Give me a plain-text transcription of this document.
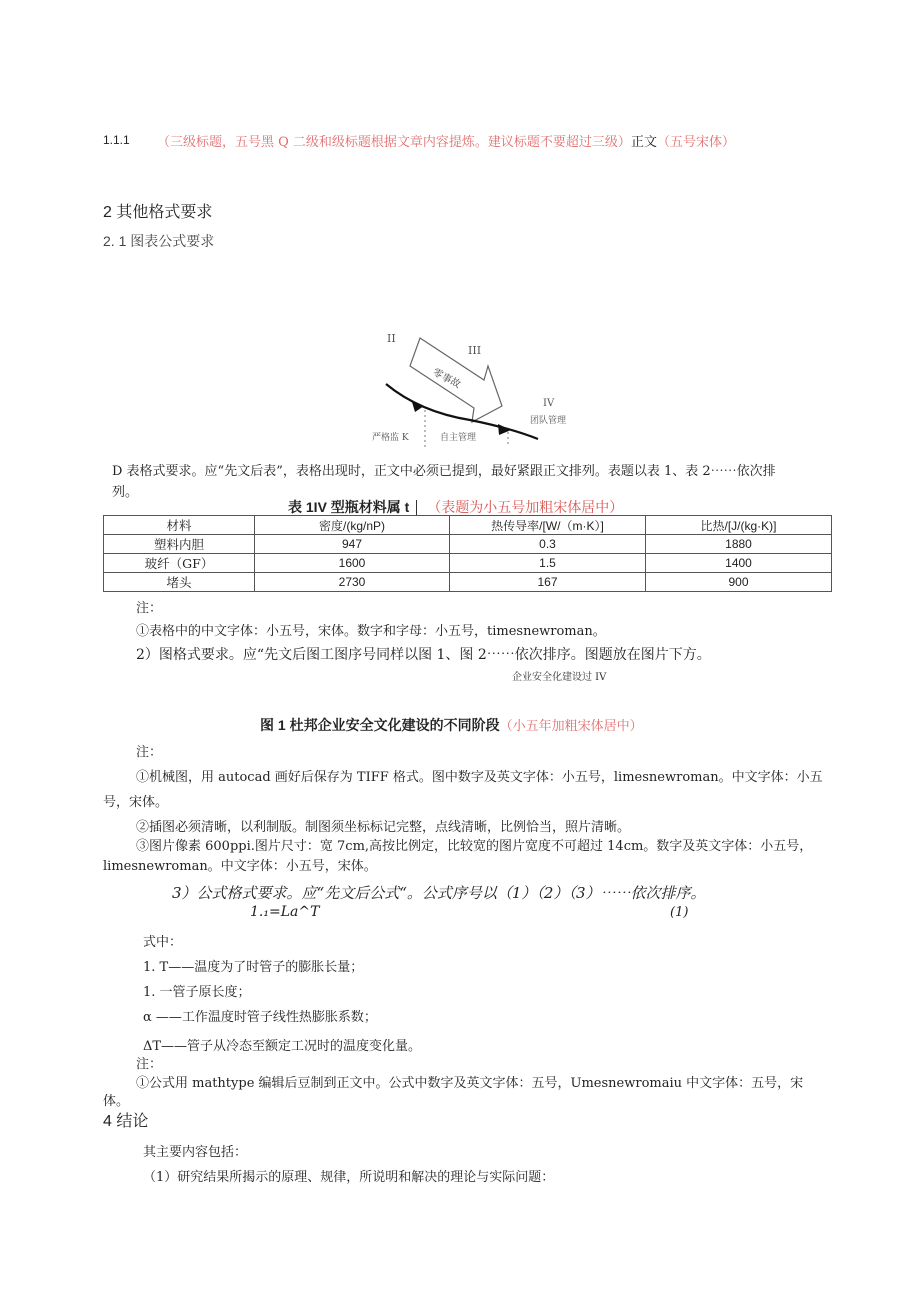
1.1.1 （三级标题，五号黑 Q 二级和级标题根据文章内容提炼。建议标题不要超过三级）正文（五号宋体）
2 其他格式要求
2. 1 图表公式要求
II
III
零事故
IV
团队管理
严格监 K	自主管理
D 表格式要求。应“先文后表”，表格出现时，正文中必须已提到，最好紧跟正文排列。表题以表 1、表 2⋯⋯依次排
列。
表 1IV 型瓶材料属 t （表题为小五号加粗宋体居中）
材料	密度/(kg/nP)	热传导率/[W/（m·K）]	比热/[J/(kg·K)]
塑料内胆	947	0.3	1880
玻纤（GF）	1600	1.5	1400
堵头	2730	167	900
注：
①表格中的中文字体：小五号，宋体。数字和字母：小五号，timesnewroman。
2）图格式要求。应“先文后图工图序号同样以图 1、图 2⋯⋯依次排序。图题放在图片下方。
企业安全化建设过 IV
图 1 杜邦企业安全文化建设的不同阶段（小五年加粗宋体居中）
注：
①机械图，用 autocad 画好后保存为 TIFF 格式。图中数字及英文字体：小五号，limesnewroman。中文字体：小五
号，宋体。
②插图必须清晰，以利制版。制图须坐标标记完整，点线清晰，比例恰当，照片清晰。
③图片像素 600ppi.图片尺寸：宽 7cm,高按比例定，比较宽的图片宽度不可超过 14cm。数字及英文字体：小五号，
limesnewroman。中文字体：小五号，宋体。
3）公式格式要求。应“先文后公式“。公式序号以（1）（2）（3）⋯⋯依次排序。
1.₁=La^T	(1)
式中：
1. T——温度为了时管子的膨胀长量；
1. 一管子原长度；
α ——工作温度时管子线性热膨胀系数；
ΔT——管子从冷态至额定工况时的温度变化量。
注：
①公式用 mathtype 编辑后豆制到正文中。公式中数字及英文字体：五号，Umesnewromaiu 中文字体：五号，宋
体。
4 结论
其主要内容包括：
（1）研究结果所揭示的原理、规律，所说明和解决的理论与实际问题：
